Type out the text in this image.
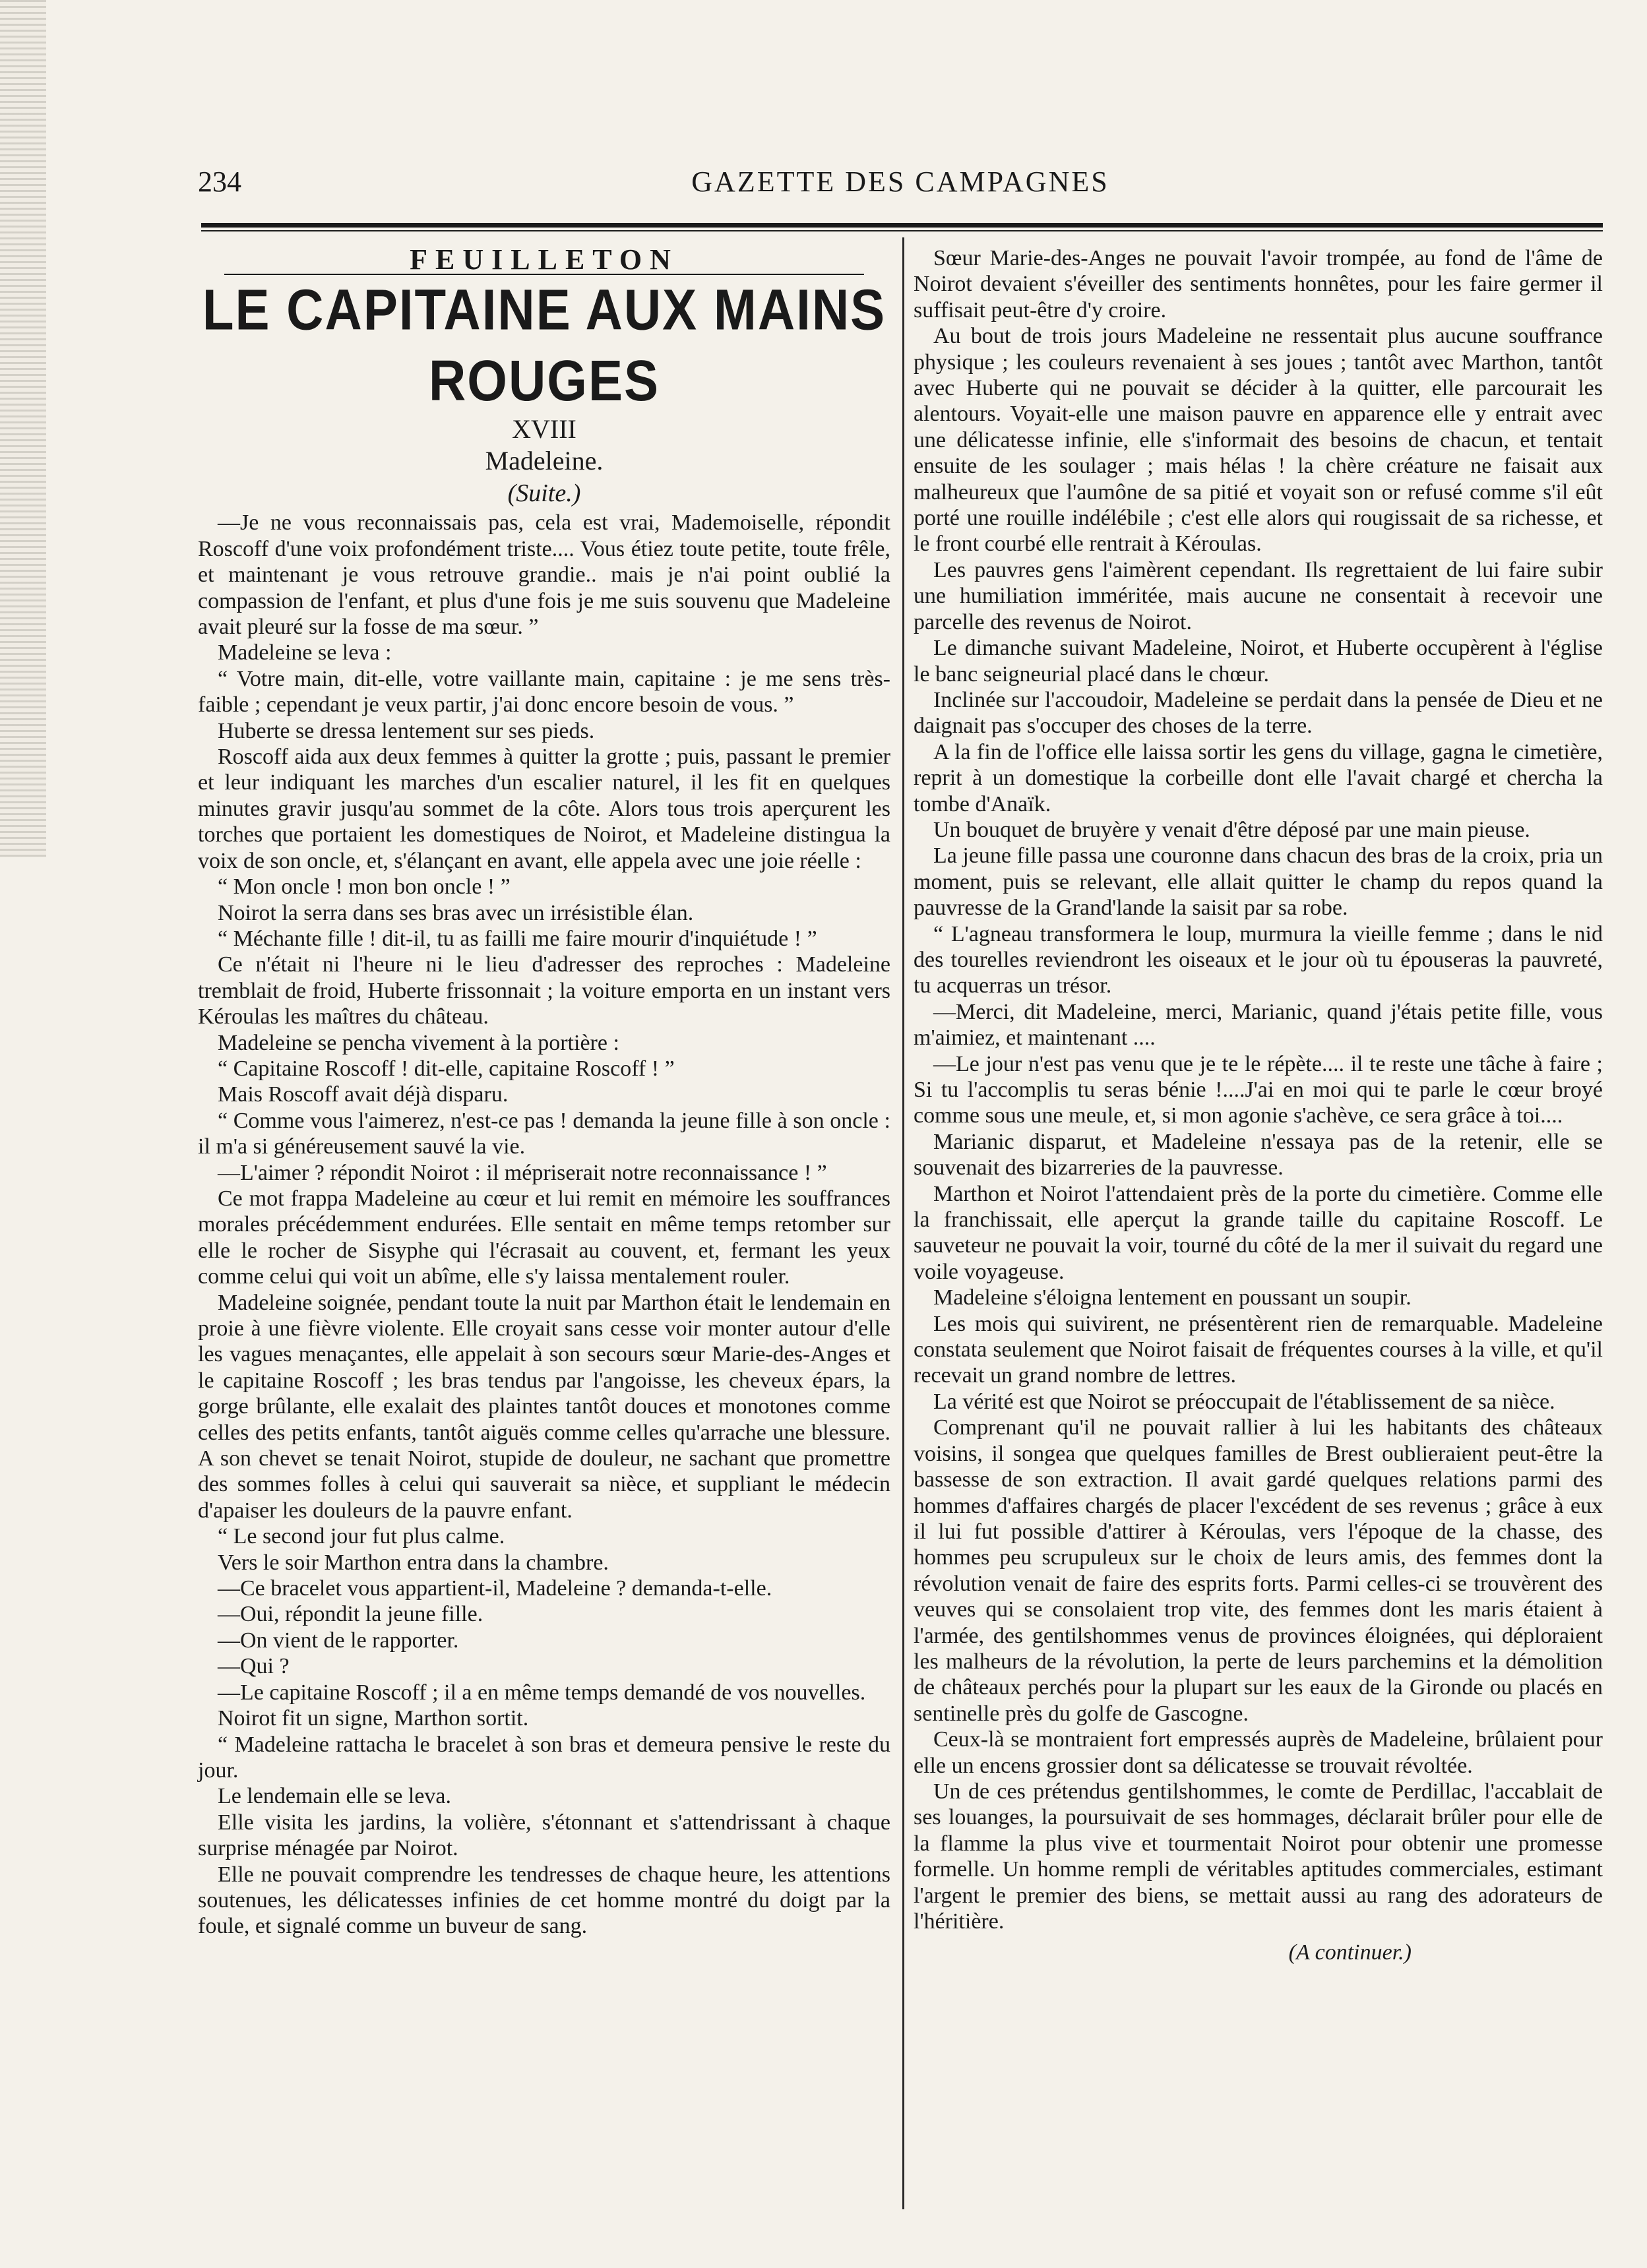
234	GAZETTE DES CAMPAGNES
FEUILLETON
LE CAPITAINE AUX MAINS ROUGES
XVIII
Madeleine.
(Suite.)

—Je ne vous reconnaissais pas, cela est vrai, Mademoiselle, répondit Roscoff d'une voix profondément triste.... Vous étiez toute petite, toute frêle, et maintenant je vous retrouve grandie.. mais je n'ai point oublié la compassion de l'enfant, et plus d'une fois je me suis souvenu que Madeleine avait pleuré sur la fosse de ma sœur. ”

Madeleine se leva :

“ Votre main, dit-elle, votre vaillante main, capitaine : je me sens très-faible ; cependant je veux partir, j'ai donc encore besoin de vous. ”

Huberte se dressa lentement sur ses pieds.

Roscoff aida aux deux femmes à quitter la grotte ; puis, passant le premier et leur indiquant les marches d'un escalier naturel, il les fit en quelques minutes gravir jusqu'au sommet de la côte. Alors tous trois aperçurent les torches que portaient les domestiques de Noirot, et Madeleine distingua la voix de son oncle, et, s'élançant en avant, elle appela avec une joie réelle :

“ Mon oncle ! mon bon oncle ! ”

Noirot la serra dans ses bras avec un irrésistible élan.

“ Méchante fille ! dit-il, tu as failli me faire mourir d'inquiétude ! ”

Ce n'était ni l'heure ni le lieu d'adresser des reproches : Madeleine tremblait de froid, Huberte frissonnait ; la voiture emporta en un instant vers Kéroulas les maîtres du château.

Madeleine se pencha vivement à la portière :

“ Capitaine Roscoff ! dit-elle, capitaine Roscoff ! ”

Mais Roscoff avait déjà disparu.

“ Comme vous l'aimerez, n'est-ce pas ! demanda la jeune fille à son oncle : il m'a si généreusement sauvé la vie.

—L'aimer ? répondit Noirot : il mépriserait notre reconnaissance ! ”

Ce mot frappa Madeleine au cœur et lui remit en mémoire les souffrances morales précédemment endurées. Elle sentait en même temps retomber sur elle le rocher de Sisyphe qui l'écrasait au couvent, et, fermant les yeux comme celui qui voit un abîme, elle s'y laissa mentalement rouler.

Madeleine soignée, pendant toute la nuit par Marthon était le lendemain en proie à une fièvre violente. Elle croyait sans cesse voir monter autour d'elle les vagues menaçantes, elle appelait à son secours sœur Marie-des-Anges et le capitaine Roscoff ; les bras tendus par l'angoisse, les cheveux épars, la gorge brûlante, elle exalait des plaintes tantôt douces et monotones comme celles des petits enfants, tantôt aiguës comme celles qu'arrache une blessure. A son chevet se tenait Noirot, stupide de douleur, ne sachant que promettre des sommes folles à celui qui sauverait sa nièce, et suppliant le médecin d'apaiser les douleurs de la pauvre enfant.

“ Le second jour fut plus calme.

Vers le soir Marthon entra dans la chambre.

—Ce bracelet vous appartient-il, Madeleine ? demanda-t-elle.

—Oui, répondit la jeune fille.

—On vient de le rapporter.

—Qui ?

—Le capitaine Roscoff ; il a en même temps demandé de vos nouvelles.

Noirot fit un signe, Marthon sortit.

“ Madeleine rattacha le bracelet à son bras et demeura pensive le reste du jour.

Le lendemain elle se leva.

Elle visita les jardins, la volière, s'étonnant et s'attendrissant à chaque surprise ménagée par Noirot.

Elle ne pouvait comprendre les tendresses de chaque heure, les attentions soutenues, les délicatesses infinies de cet homme montré du doigt par la foule, et signalé comme un buveur de sang.

Sœur Marie-des-Anges ne pouvait l'avoir trompée, au fond de l'âme de Noirot devaient s'éveiller des sentiments honnêtes, pour les faire germer il suffisait peut-être d'y croire.

Au bout de trois jours Madeleine ne ressentait plus aucune souffrance physique ; les couleurs revenaient à ses joues ; tantôt avec Marthon, tantôt avec Huberte qui ne pouvait se décider à la quitter, elle parcourait les alentours. Voyait-elle une maison pauvre en apparence elle y entrait avec une délicatesse infinie, elle s'informait des besoins de chacun, et tentait ensuite de les soulager ; mais hélas ! la chère créature ne faisait aux malheureux que l'aumône de sa pitié et voyait son or refusé comme s'il eût porté une rouille indélébile ; c'est elle alors qui rougissait de sa richesse, et le front courbé elle rentrait à Kéroulas.

Les pauvres gens l'aimèrent cependant. Ils regrettaient de lui faire subir une humiliation imméritée, mais aucune ne consentait à recevoir une parcelle des revenus de Noirot.

Le dimanche suivant Madeleine, Noirot, et Huberte occupèrent à l'église le banc seigneurial placé dans le chœur.

Inclinée sur l'accoudoir, Madeleine se perdait dans la pensée de Dieu et ne daignait pas s'occuper des choses de la terre.

A la fin de l'office elle laissa sortir les gens du village, gagna le cimetière, reprit à un domestique la corbeille dont elle l'avait chargé et chercha la tombe d'Anaïk.

Un bouquet de bruyère y venait d'être déposé par une main pieuse.

La jeune fille passa une couronne dans chacun des bras de la croix, pria un moment, puis se relevant, elle allait quitter le champ du repos quand la pauvresse de la Grand'lande la saisit par sa robe.

“ L'agneau transformera le loup, murmura la vieille femme ; dans le nid des tourelles reviendront les oiseaux et le jour où tu épouseras la pauvreté, tu acquerras un trésor.

—Merci, dit Madeleine, merci, Marianic, quand j'étais petite fille, vous m'aimiez, et maintenant ....

—Le jour n'est pas venu que je te le répète.... il te reste une tâche à faire ; Si tu l'accomplis tu seras bénie !....J'ai en moi qui te parle le cœur broyé comme sous une meule, et, si mon agonie s'achève, ce sera grâce à toi....

Marianic disparut, et Madeleine n'essaya pas de la retenir, elle se souvenait des bizarreries de la pauvresse.

Marthon et Noirot l'attendaient près de la porte du cimetière. Comme elle la franchissait, elle aperçut la grande taille du capitaine Roscoff. Le sauveteur ne pouvait la voir, tourné du côté de la mer il suivait du regard une voile voyageuse.

Madeleine s'éloigna lentement en poussant un soupir.

Les mois qui suivirent, ne présentèrent rien de remarquable. Madeleine constata seulement que Noirot faisait de fréquentes courses à la ville, et qu'il recevait un grand nombre de lettres.

La vérité est que Noirot se préoccupait de l'établissement de sa nièce.

Comprenant qu'il ne pouvait rallier à lui les habitants des châteaux voisins, il songea que quelques familles de Brest oublieraient peut-être la bassesse de son extraction. Il avait gardé quelques relations parmi des hommes d'affaires chargés de placer l'excédent de ses revenus ; grâce à eux il lui fut possible d'attirer à Kéroulas, vers l'époque de la chasse, des hommes peu scrupuleux sur le choix de leurs amis, des femmes dont la révolution venait de faire des esprits forts. Parmi celles-ci se trouvèrent des veuves qui se consolaient trop vite, des femmes dont les maris étaient à l'armée, des gentilshommes venus de provinces éloignées, qui déploraient les malheurs de la révolution, la perte de leurs parchemins et la démolition de châteaux perchés pour la plupart sur les eaux de la Gironde ou placés en sentinelle près du golfe de Gascogne.

Ceux-là se montraient fort empressés auprès de Madeleine, brûlaient pour elle un encens grossier dont sa délicatesse se trouvait révoltée.

Un de ces prétendus gentilshommes, le comte de Perdillac, l'accablait de ses louanges, la poursuivait de ses hommages, déclarait brûler pour elle de la flamme la plus vive et tourmentait Noirot pour obtenir une promesse formelle. Un homme rempli de véritables aptitudes commerciales, estimant l'argent le premier des biens, se mettait aussi au rang des adorateurs de l'héritière.

(A continuer.)
